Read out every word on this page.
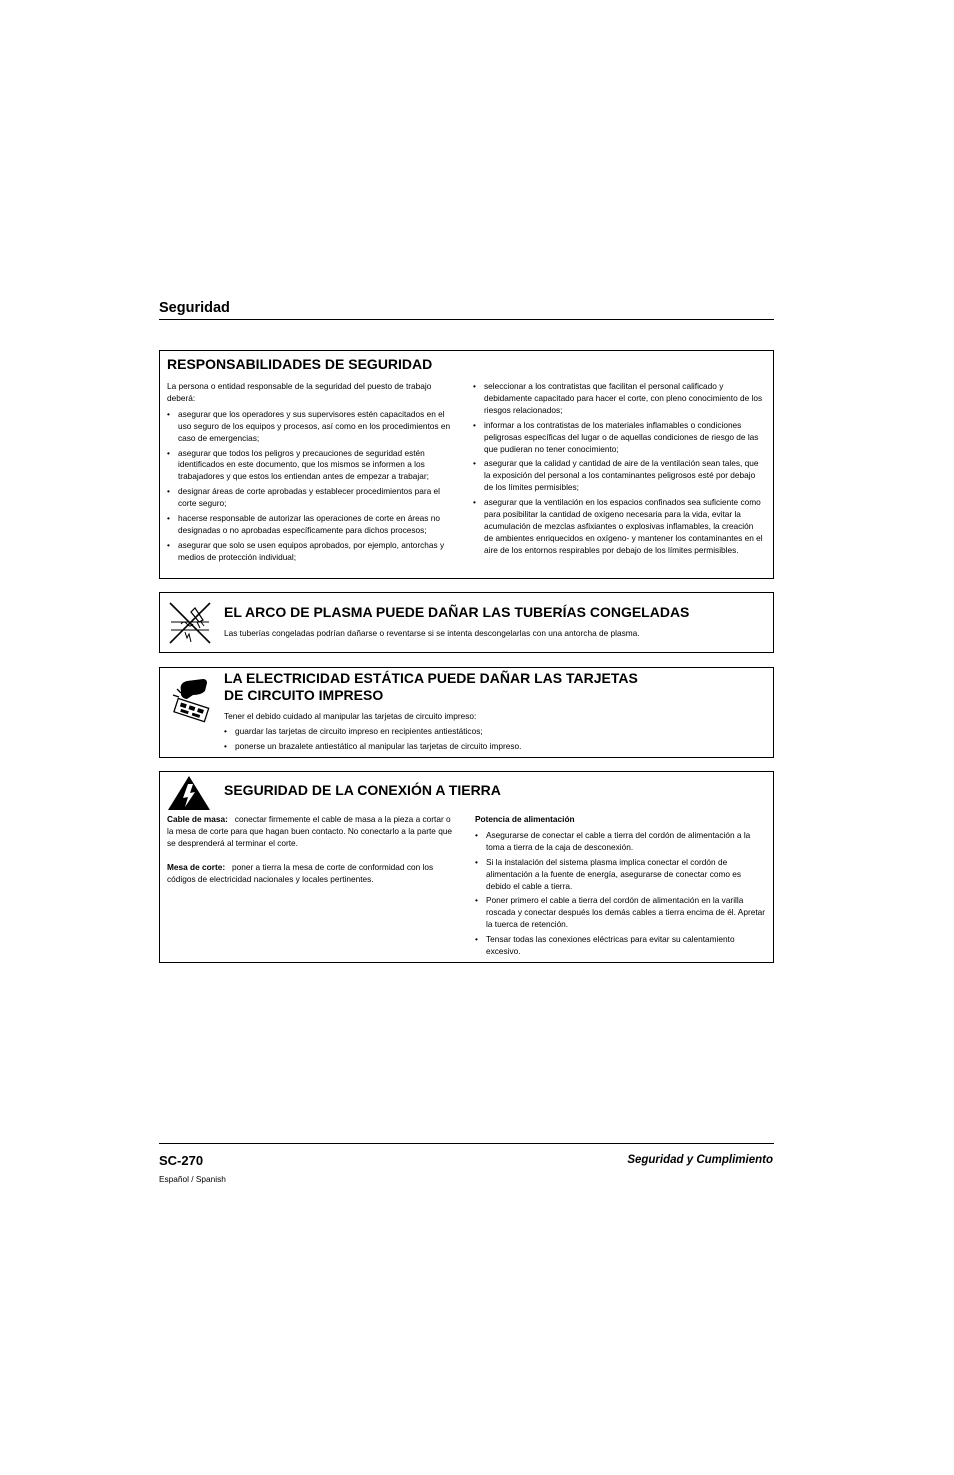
Seguridad
RESPONSABILIDADES DE SEGURIDAD

La persona o entidad responsable de la seguridad del puesto de trabajo deberá:

• asegurar que los operadores y sus supervisores estén capacitados en el uso seguro de los equipos y procesos, así como en los procedimientos en caso de emergencias;
• asegurar que todos los peligros y precauciones de seguridad estén identificados en este documento, que los mismos se informen a los trabajadores y que estos los entiendan antes de empezar a trabajar;
• designar áreas de corte aprobadas y establecer procedimientos para el corte seguro;
• hacerse responsable de autorizar las operaciones de corte en áreas no designadas o no aprobadas específicamente para dichos procesos;
• asegurar que solo se usen equipos aprobados, por ejemplo, antorchas y medios de protección individual;
• seleccionar a los contratistas que facilitan el personal calificado y debidamente capacitado para hacer el corte, con pleno conocimiento de los riesgos relacionados;
• informar a los contratistas de los materiales inflamables o condiciones peligrosas específicas del lugar o de aquellas condiciones de riesgo de las que pudieran no tener conocimiento;
• asegurar que la calidad y cantidad de aire de la ventilación sean tales, que la exposición del personal a los contaminantes peligrosos esté por debajo de los límites permisibles;
• asegurar que la ventilación en los espacios confinados sea suficiente como para posibilitar la cantidad de oxígeno necesaria para la vida, evitar la acumulación de mezclas asfixiantes o explosivas inflamables, la creación de ambientes enriquecidos en oxígeno- y mantener los contaminantes en el aire de los entornos respirables por debajo de los límites permisibles.
EL ARCO DE PLASMA PUEDE DAÑAR LAS TUBERÍAS CONGELADAS

Las tuberías congeladas podrían dañarse o reventarse si se intenta descongelarlas con una antorcha de plasma.

LA ELECTRICIDAD ESTÁTICA PUEDE DAÑAR LAS TARJETAS
DE CIRCUITO IMPRESO

Tener el debido cuidado al manipular las tarjetas de circuito impreso:

• guardar las tarjetas de circuito impreso en recipientes antiestáticos;
• ponerse un brazalete antiestático al manipular las tarjetas de circuito impreso.
SEGURIDAD DE LA CONEXIÓN A TIERRA

Cable de masa: conectar firmemente el cable de masa a la pieza a cortar o la mesa de corte para que hagan buen contacto. No conectarlo a la parte que se desprenderá al terminar el corte.

Mesa de corte: poner a tierra la mesa de corte de conformidad con los códigos de electricidad nacionales y locales pertinentes.

Potencia de alimentación

• Asegurarse de conectar el cable a tierra del cordón de alimentación a la toma a tierra de la caja de desconexión.
• Si la instalación del sistema plasma implica conectar el cordón de alimentación a la fuente de energía, asegurarse de conectar como es debido el cable a tierra.
• Poner primero el cable a tierra del cordón de alimentación en la varilla roscada y conectar después los demás cables a tierra encima de él. Apretar la tuerca de retención.
• Tensar todas las conexiones eléctricas para evitar su calentamiento excesivo.
SC-270
Español / Spanish
Seguridad y Cumplimiento
